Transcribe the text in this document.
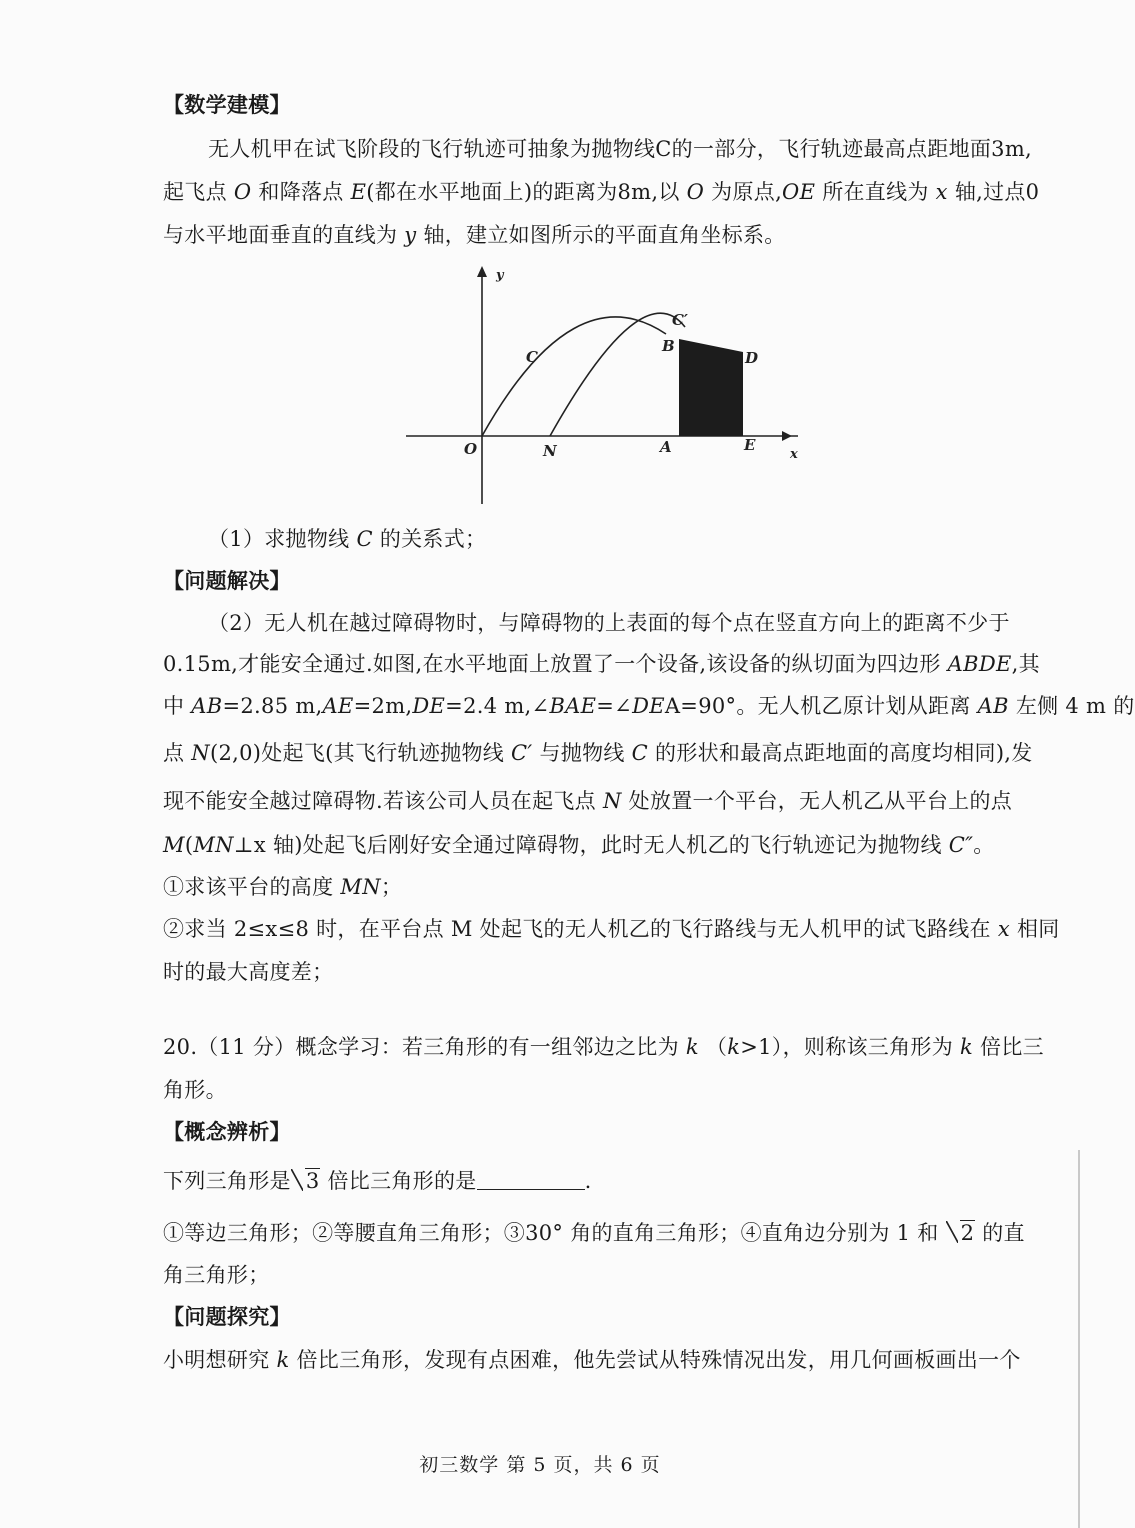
【数学建模】
无人机甲在试飞阶段的飞行轨迹可抽象为抛物线C的一部分，飞行轨迹最高点距地面3m,
起飞点 O 和降落点 E(都在水平地面上)的距离为8m,以 O 为原点,OE 所在直线为 x 轴,过点0
与水平地面垂直的直线为 y 轴，建立如图所示的平面直角坐标系。
y
x
O	N	A	E
B
D
C
C′
（1）求抛物线 C 的关系式；
【问题解决】
（2）无人机在越过障碍物时，与障碍物的上表面的每个点在竖直方向上的距离不少于
0.15m,才能安全通过.如图,在水平地面上放置了一个设备,该设备的纵切面为四边形 ABDE,其
中 AB=2.85 m,AE=2m,DE=2.4 m,∠BAE=∠DEA=90°。无人机乙原计划从距离 AB 左侧 4 m 的
点 N(2,0)处起飞(其飞行轨迹抛物线 C′ 与抛物线 C 的形状和最高点距地面的高度均相同),发
现不能安全越过障碍物.若该公司人员在起飞点 N 处放置一个平台，无人机乙从平台上的点
M(MN⊥x 轴)处起飞后刚好安全通过障碍物，此时无人机乙的飞行轨迹记为抛物线 C″。
①求该平台的高度 MN；
②求当 2≤x≤8 时，在平台点 M 处起飞的无人机乙的飞行路线与无人机甲的试飞路线在 x 相同
时的最大高度差；
20.（11 分）概念学习：若三角形的有一组邻边之比为 k （k>1），则称该三角形为 k 倍比三
角形。
【概念辨析】
下列三角形是 3 倍比三角形的是	.
①等边三角形；②等腰直角三角形；③30° 角的直角三角形；④直角边分别为 1 和 2 的直
角三角形；
【问题探究】
小明想研究 k 倍比三角形，发现有点困难，他先尝试从特殊情况出发，用几何画板画出一个
初三数学 第 5 页，共 6 页
